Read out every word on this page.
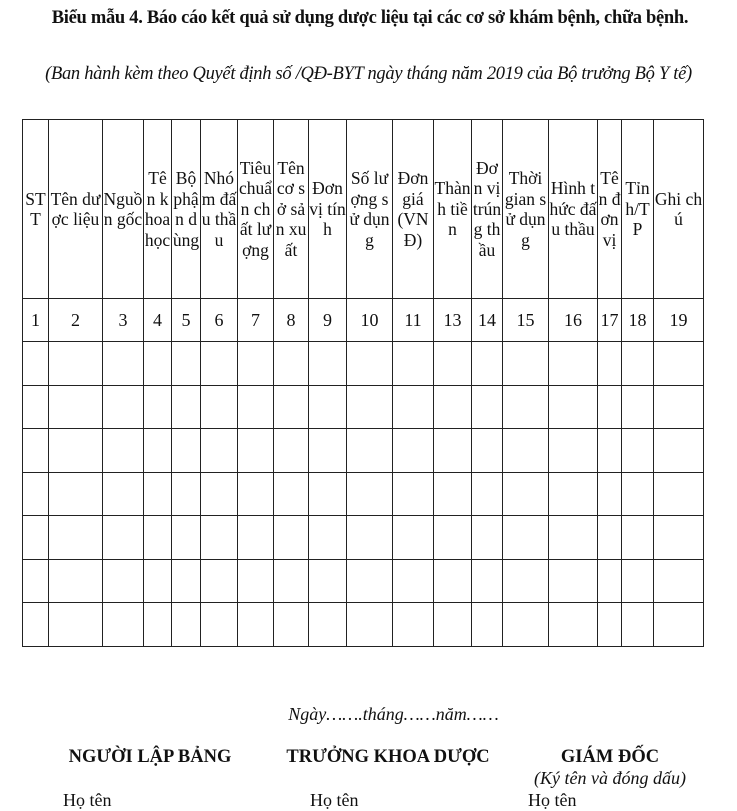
Biểu mẫu 4. Báo cáo kết quả sử dụng dược liệu tại các cơ sở khám bệnh, chữa bệnh.
(Ban hành kèm theo Quyết định số /QĐ-BYT ngày tháng năm 2019 của Bộ trưởng Bộ Y tế)
STT	Tên dược liệu	Nguồn gốc	Tên khoa học	Bộ phận dùng	Nhóm đấu thầu	Tiêu chuẩn chất lượng	Tên cơ sở sản xuất	Đơn vị tính	Số lượng sử dụng	Đơn giá (VNĐ)	Thành tiền	Đơn vị trúng thầu	Thời gian sử dụng	Hình thức đấu thầu	Tên đơn vị	Tỉnh/TP	Ghi chú
1	2	3	4	5	6	7	8	9	10	11	13	14	15	16	17	18	19

Ngày…….tháng……năm……
NGƯỜI LẬP BẢNG	TRƯỞNG KHOA DƯỢC	GIÁM ĐỐC
(Ký tên và đóng dấu)
Họ tên	Họ tên	Họ tên
